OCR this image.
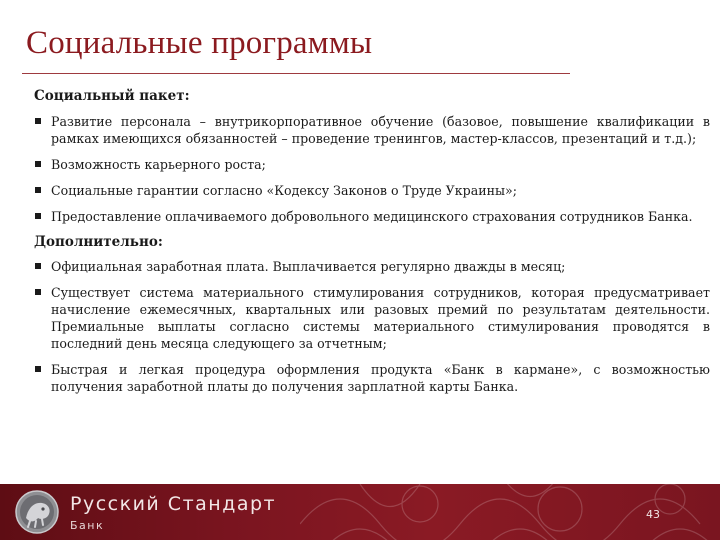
Социальные программы
Социальный пакет:
Развитие персонала – внутрикорпоративное обучение (базовое, повышение квалификации в рамках имеющихся обязанностей – проведение тренингов, мастер-классов, презентаций и т.д.);
Возможность карьерного роста;
Социальные гарантии согласно «Кодексу Законов о Труде Украины»;
Предоставление оплачиваемого добровольного медицинского страхования сотрудников Банка.
Дополнительно:
Официальная заработная плата. Выплачивается регулярно дважды в месяц;
Существует система материального стимулирования сотрудников, которая предусматривает начисление ежемесячных, квартальных или разовых премий по результатам деятельности. Премиальные выплаты согласно системы материального стимулирования проводятся в последний день месяца следующего за отчетным;
Быстрая и легкая процедура оформления продукта «Банк в кармане», с возможностью получения заработной платы до получения зарплатной карты Банка.
Русский Стандарт
Банк
43
